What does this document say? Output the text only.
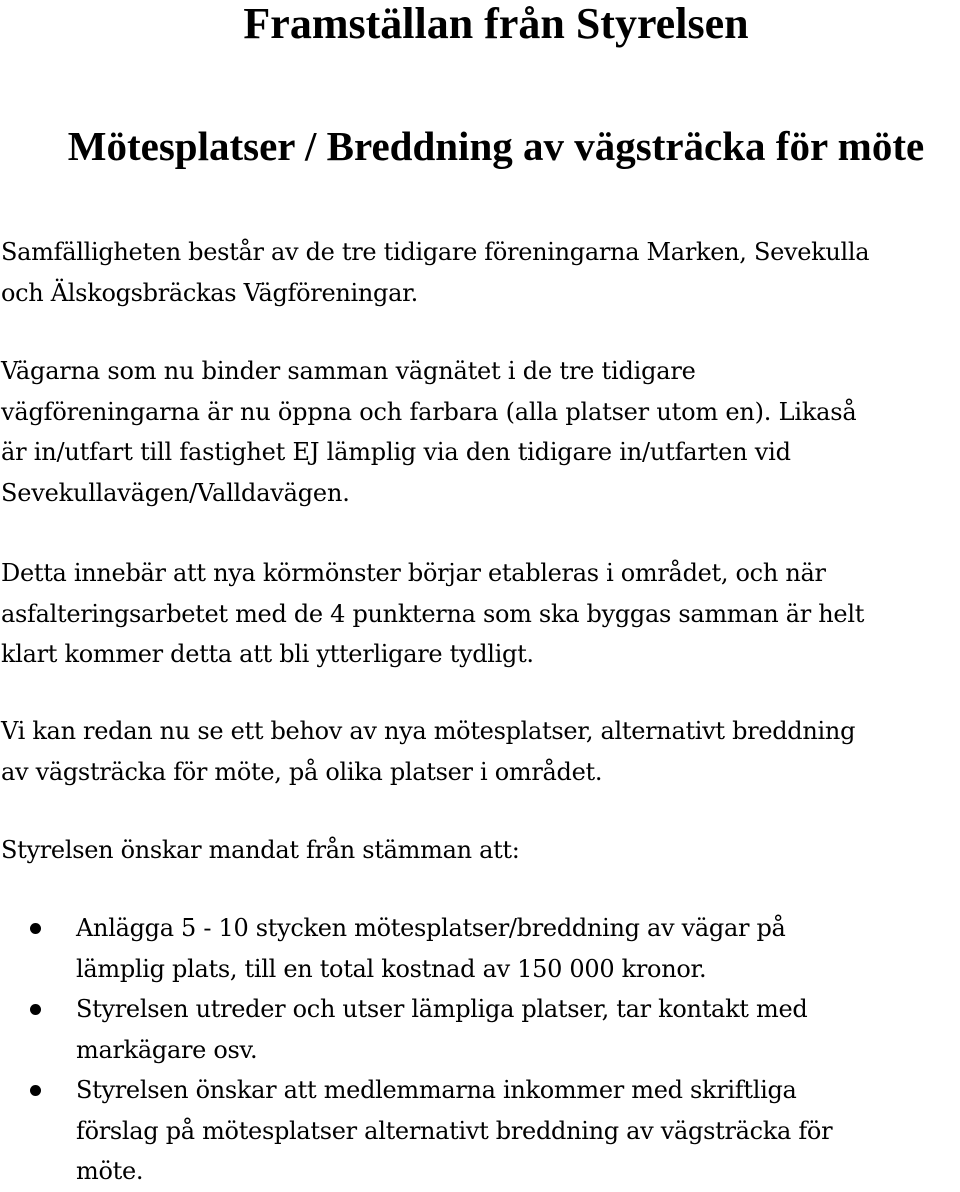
Framställan från Styrelsen
Mötesplatser / Breddning av vägsträcka för möte

Samfälligheten består av de tre tidigare föreningarna Marken, Sevekulla
och Älskogsbräckas Vägföreningar.

Vägarna som nu binder samman vägnätet i de tre tidigare
vägföreningarna är nu öppna och farbara (alla platser utom en). Likaså
är in/utfart till fastighet EJ lämplig via den tidigare in/utfarten vid
Sevekullavägen/Valldavägen.

Detta innebär att nya körmönster börjar etableras i området, och när
asfalteringsarbetet med de 4 punkterna som ska byggas samman är helt
klart kommer detta att bli ytterligare tydligt.

Vi kan redan nu se ett behov av nya mötesplatser, alternativt breddning
av vägsträcka för möte, på olika platser i området.

Styrelsen önskar mandat från stämman att:

Anlägga 5 - 10 stycken mötesplatser/breddning av vägar på
lämplig plats, till en total kostnad av 150 000 kronor.
Styrelsen utreder och utser lämpliga platser, tar kontakt med
markägare osv.
Styrelsen önskar att medlemmarna inkommer med skriftliga
förslag på mötesplatser alternativt breddning av vägsträcka för
möte.
